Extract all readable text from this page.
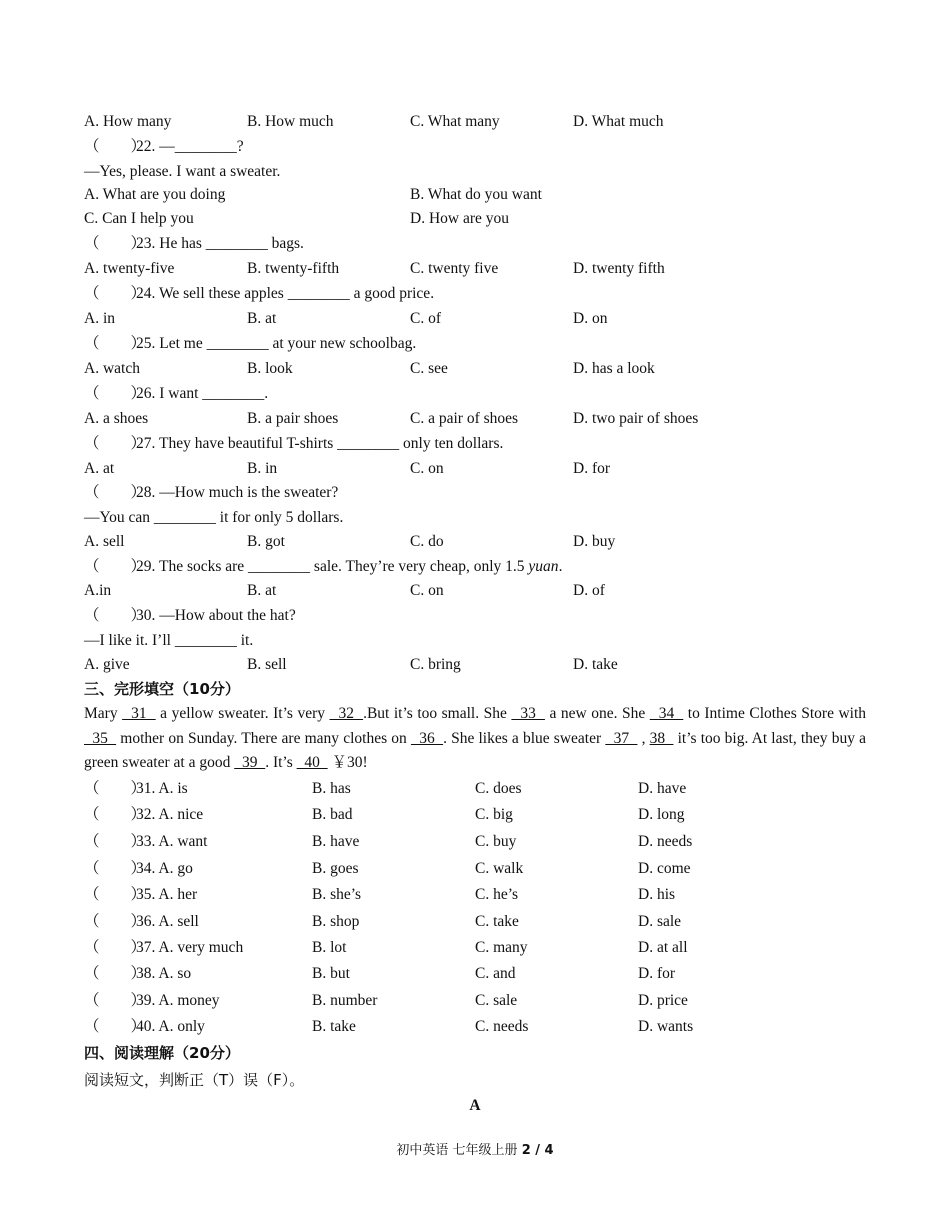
A. How many	B. How much	C. What many	D. What much
（　　）22. —________?
—Yes, please. I want a sweater.
A. What are you doing	B. What do you want
C. Can I help you	D. How are you
（　　）23. He has ________ bags.
A. twenty-five	B. twenty-fifth	C. twenty five	D. twenty fifth
（　　）24. We sell these apples ________ a good price.
A. in	B. at	C. of	D. on
（　　）25. Let me ________ at your new schoolbag.
A. watch	B. look	C. see	D. has a look
（　　）26. I want ________.
A. a shoes	B. a pair shoes	C. a pair of shoes	D. two pair of shoes
（　　）27. They have beautiful T-shirts ________ only ten dollars.
A. at	B. in	C. on	D. for
（　　）28. —How much is the sweater?
—You can ________ it for only 5 dollars.
A. sell	B. got	C. do	D. buy
（　　）29. The socks are ________ sale. They’re very cheap, only 1.5 yuan.
A.in	B. at	C. on	D. of
（　　）30. —How about the hat?
—I like it. I’ll ________ it.
A. give	B. sell	C. bring	D. take
三、完形填空（10分）
Mary   31   a yellow sweater. It’s very   32  .But it’s too small. She   33   a new one. She   34   to Intime Clothes Store with   35   mother on Sunday. There are many clothes on   36  . She likes a blue sweater   37   , 38   it’s too big. At last, they buy a green sweater at a good   39  . It’s   40   ￥30!
（　　）31. A. is	B. has	C. does	D. have
（　　）32. A. nice	B. bad	C. big	D. long
（　　）33. A. want	B. have	C. buy	D. needs
（　　）34. A. go	B. goes	C. walk	D. come
（　　）35. A. her	B. she’s	C. he’s	D. his
（　　）36. A. sell	B. shop	C. take	D. sale
（　　）37. A. very much	B. lot	C. many	D. at all
（　　）38. A. so	B. but	C. and	D. for
（　　）39. A. money	B. number	C. sale	D. price
（　　）40. A. only	B. take	C. needs	D. wants
四、阅读理解（20分）
阅读短文，判断正（T）误（F）。
A
初中英语 七年级上册 2 / 4
